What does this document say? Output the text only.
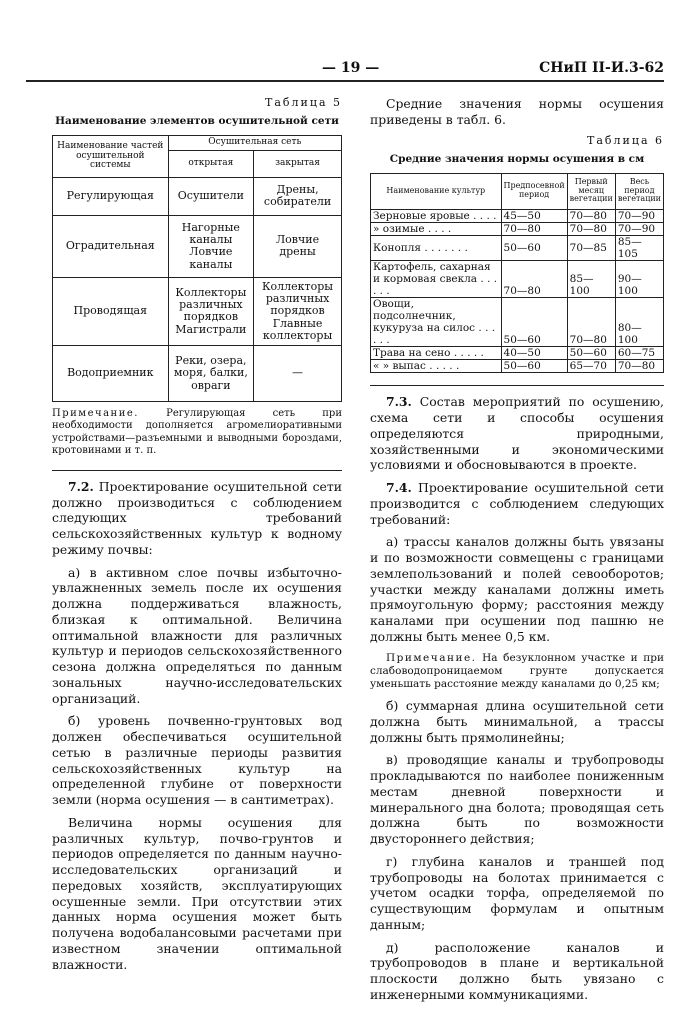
— 19 —	СНиП II-И.3-62
Таблица 5
Наименование элементов осушительной сети
Наименование частей осушительной системы	Осушительная сеть	
	открытая	закрытая
Регулирующая	Осушители	Дрены, собиратели
Оградительная	Нагорные каналы Ловчие каналы	Ловчие дрены
Проводящая	Коллекторы различных порядков Магистрали	Коллекторы различных порядков Главные коллекторы
Водоприемник	Реки, озера, моря, балки, овраги	—
Примечание.	Регулирующая сеть при необходимости дополняется агромелиоративными устройствами—разъемными и выводными бороздами, кротовинами и т. п.

7.2. Проектирование осушительной сети должно производиться с соблюдением следующих требований сельскохозяйственных культур к водному режиму почвы:

а) в активном слое почвы избыточно-увлажненных земель после их осушения должна поддерживаться влажность, близкая к оптимальной. Величина оптимальной влажности для различных культур и периодов сельскохозяйственного сезона должна определяться по данным зональных научно-исследовательских организаций.

б) уровень почвенно-грунтовых вод должен обеспечиваться осушительной сетью в различные периоды развития сельскохозяйственных культур на определенной глубине от поверхности земли (норма осушения — в сантиметрах).

Величина нормы осушения для различных культур, почво-грунтов и периодов определяется по данным научно-исследовательских организаций и передовых хозяйств, эксплуатирующих осушенные земли. При отсутствии этих данных норма осушения может быть получена водобалансовыми расчетами при известном значении оптимальной влажности.

Средние значения нормы осушения приведены в табл. 6.

Таблица 6
Средние значения нормы осушения в см
Наименование культур	Предпосевной период	Первый месяц вегетации	Весь период вегетации
Зерновые яровые . . . .	45—50	70—80	70—90
» озимые . . . .	70—80	70—80	70—90
Конопля . . . . . . .	50—60	70—85	85—105
Картофель, сахарная и кормовая свекла . . . . . .	70—80	85—100	90—100
Овощи, подсолнечник, кукуруза на силос . . . . . .	50—60	70—80	80—100
Трава на сено . . . . .	40—50	50—60	60—75
« » выпас . . . . .	50—60	65—70	70—80

7.3. Состав мероприятий по осушению, схема сети и способы осушения определяются природными, хозяйственными и экономическими условиями и обосновываются в проекте.

7.4. Проектирование осушительной сети производится с соблюдением следующих требований:

а) трассы каналов должны быть увязаны и по возможности совмещены с границами землепользований и полей севооборотов; участки между каналами должны иметь прямоугольную форму; расстояния между каналами при осушении под пашню не должны быть менее 0,5 км.

Примечание. На безуклонном участке и при слабоводопроницаемом грунте допускается уменьшать расстояние между каналами до 0,25 км;

б) суммарная длина осушительной сети должна быть минимальной, а трассы должны быть прямолинейны;

в) проводящие каналы и трубопроводы прокладываются по наиболее пониженным местам дневной поверхности и минерального дна болота; проводящая сеть должна быть по возможности двустороннего действия;

г) глубина каналов и траншей под трубопроводы на болотах принимается с учетом осадки торфа, определяемой по существующим формулам и опытным данным;

д) расположение каналов и трубопроводов в плане и вертикальной плоскости должно быть увязано с инженерными коммуникациями.
